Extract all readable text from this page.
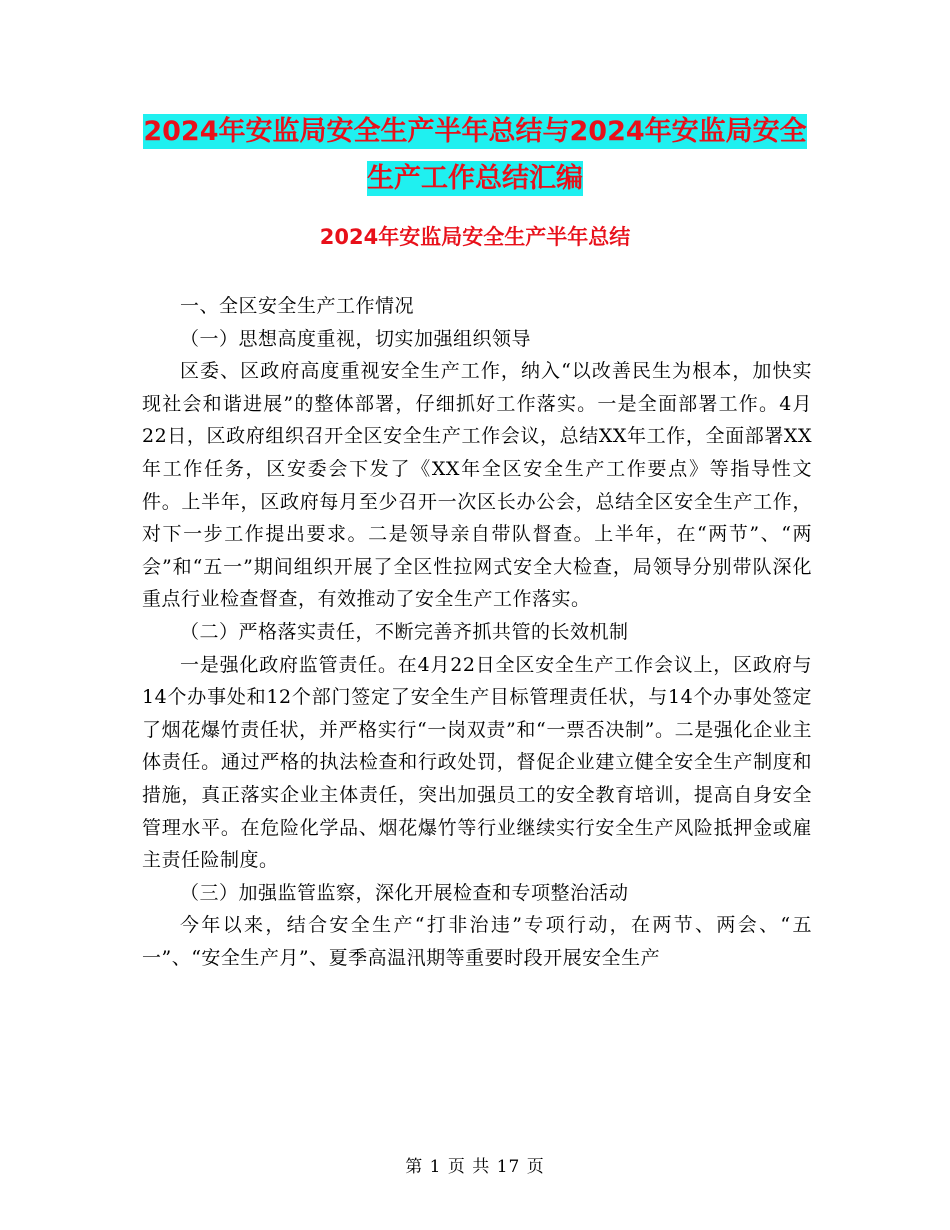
2024年安监局安全生产半年总结与2024年安监局安全
生产工作总结汇编
2024年安监局安全生产半年总结

一、全区安全生产工作情况

（一）思想高度重视，切实加强组织领导

区委、区政府高度重视安全生产工作，纳入“以改善民生为根本，加快实现社会和谐进展”的整体部署，仔细抓好工作落实。一是全面部署工作。4月22日，区政府组织召开全区安全生产工作会议，总结XX年工作，全面部署XX年工作任务，区安委会下发了《XX年全区安全生产工作要点》等指导性文件。上半年，区政府每月至少召开一次区长办公会，总结全区安全生产工作，对下一步工作提出要求。二是领导亲自带队督查。上半年，在“两节”、“两会”和“五一”期间组织开展了全区性拉网式安全大检查，局领导分别带队深化重点行业检查督查，有效推动了安全生产工作落实。

（二）严格落实责任，不断完善齐抓共管的长效机制

一是强化政府监管责任。在4月22日全区安全生产工作会议上，区政府与14个办事处和12个部门签定了安全生产目标管理责任状，与14个办事处签定了烟花爆竹责任状，并严格实行“一岗双责”和“一票否决制”。二是强化企业主体责任。通过严格的执法检查和行政处罚，督促企业建立健全安全生产制度和措施，真正落实企业主体责任，突出加强员工的安全教育培训，提高自身安全管理水平。在危险化学品、烟花爆竹等行业继续实行安全生产风险抵押金或雇主责任险制度。

（三）加强监管监察，深化开展检查和专项整治活动

今年以来，结合安全生产“打非治违”专项行动，在两节、两会、“五一”、“安全生产月”、夏季高温汛期等重要时段开展安全生产

第 1 页 共 17 页
